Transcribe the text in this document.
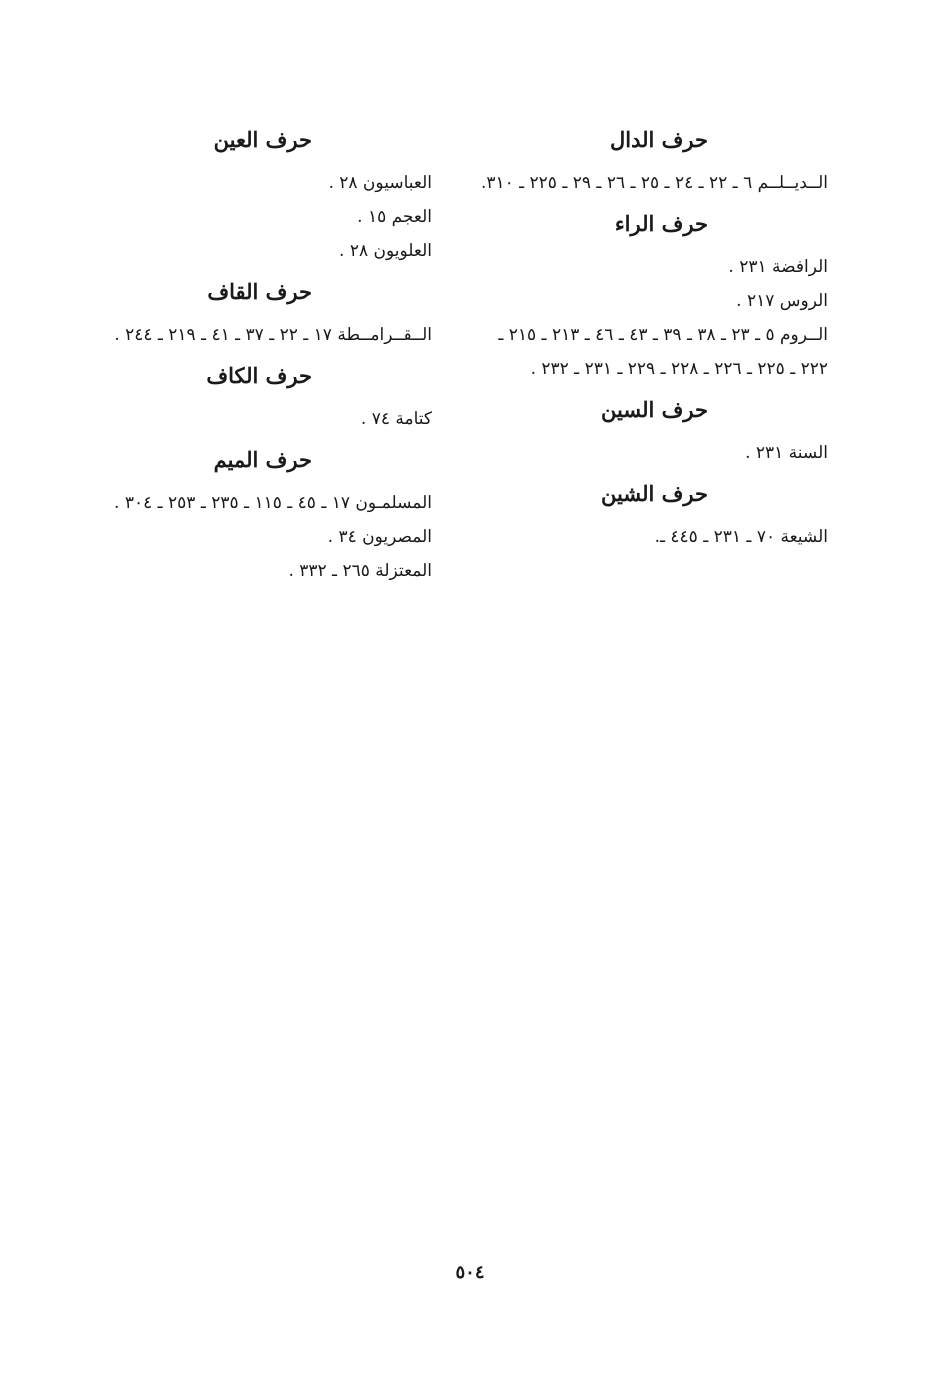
حرف الدال

الــديــلــم ٦ ـ ٢٢ ـ ٢٤ ـ ٢٥ ـ ٢٦ ـ ٢٩ ـ ٢٢٥ ـ ٣١٠.

حرف الراء

الرافضة ٢٣١ .

الروس ٢١٧ .

الــروم ٥ ـ ٢٣ ـ ٣٨ ـ ٣٩ ـ ٤٣ ـ ٤٦ ـ ٢١٣ ـ ٢١٥ ـ ٢٢٢ ـ ٢٢٥ ـ ٢٢٦ ـ ٢٢٨ ـ ٢٢٩ ـ ٢٣١ ـ ٢٣٢ .

حرف السين

السنة ٢٣١ .

حرف الشين

الشيعة ٧٠ ـ ٢٣١ ـ ٤٤٥ ـ.

حرف العين

العباسيون ٢٨ .

العجم ١٥ .

العلويون ٢٨ .

حرف القاف

الــقــرامــطة ١٧ ـ ٢٢ ـ ٣٧ ـ ٤١ ـ ٢١٩ ـ ٢٤٤ .

حرف الكاف

كتامة ٧٤ .

حرف الميم

المسلمـون ١٧ ـ ٤٥ ـ ١١٥ ـ ٢٣٥ ـ ٢٥٣ ـ ٣٠٤ .

المصريون ٣٤ .

المعتزلة ٢٦٥ ـ ٣٣٢ .

٥٠٤
